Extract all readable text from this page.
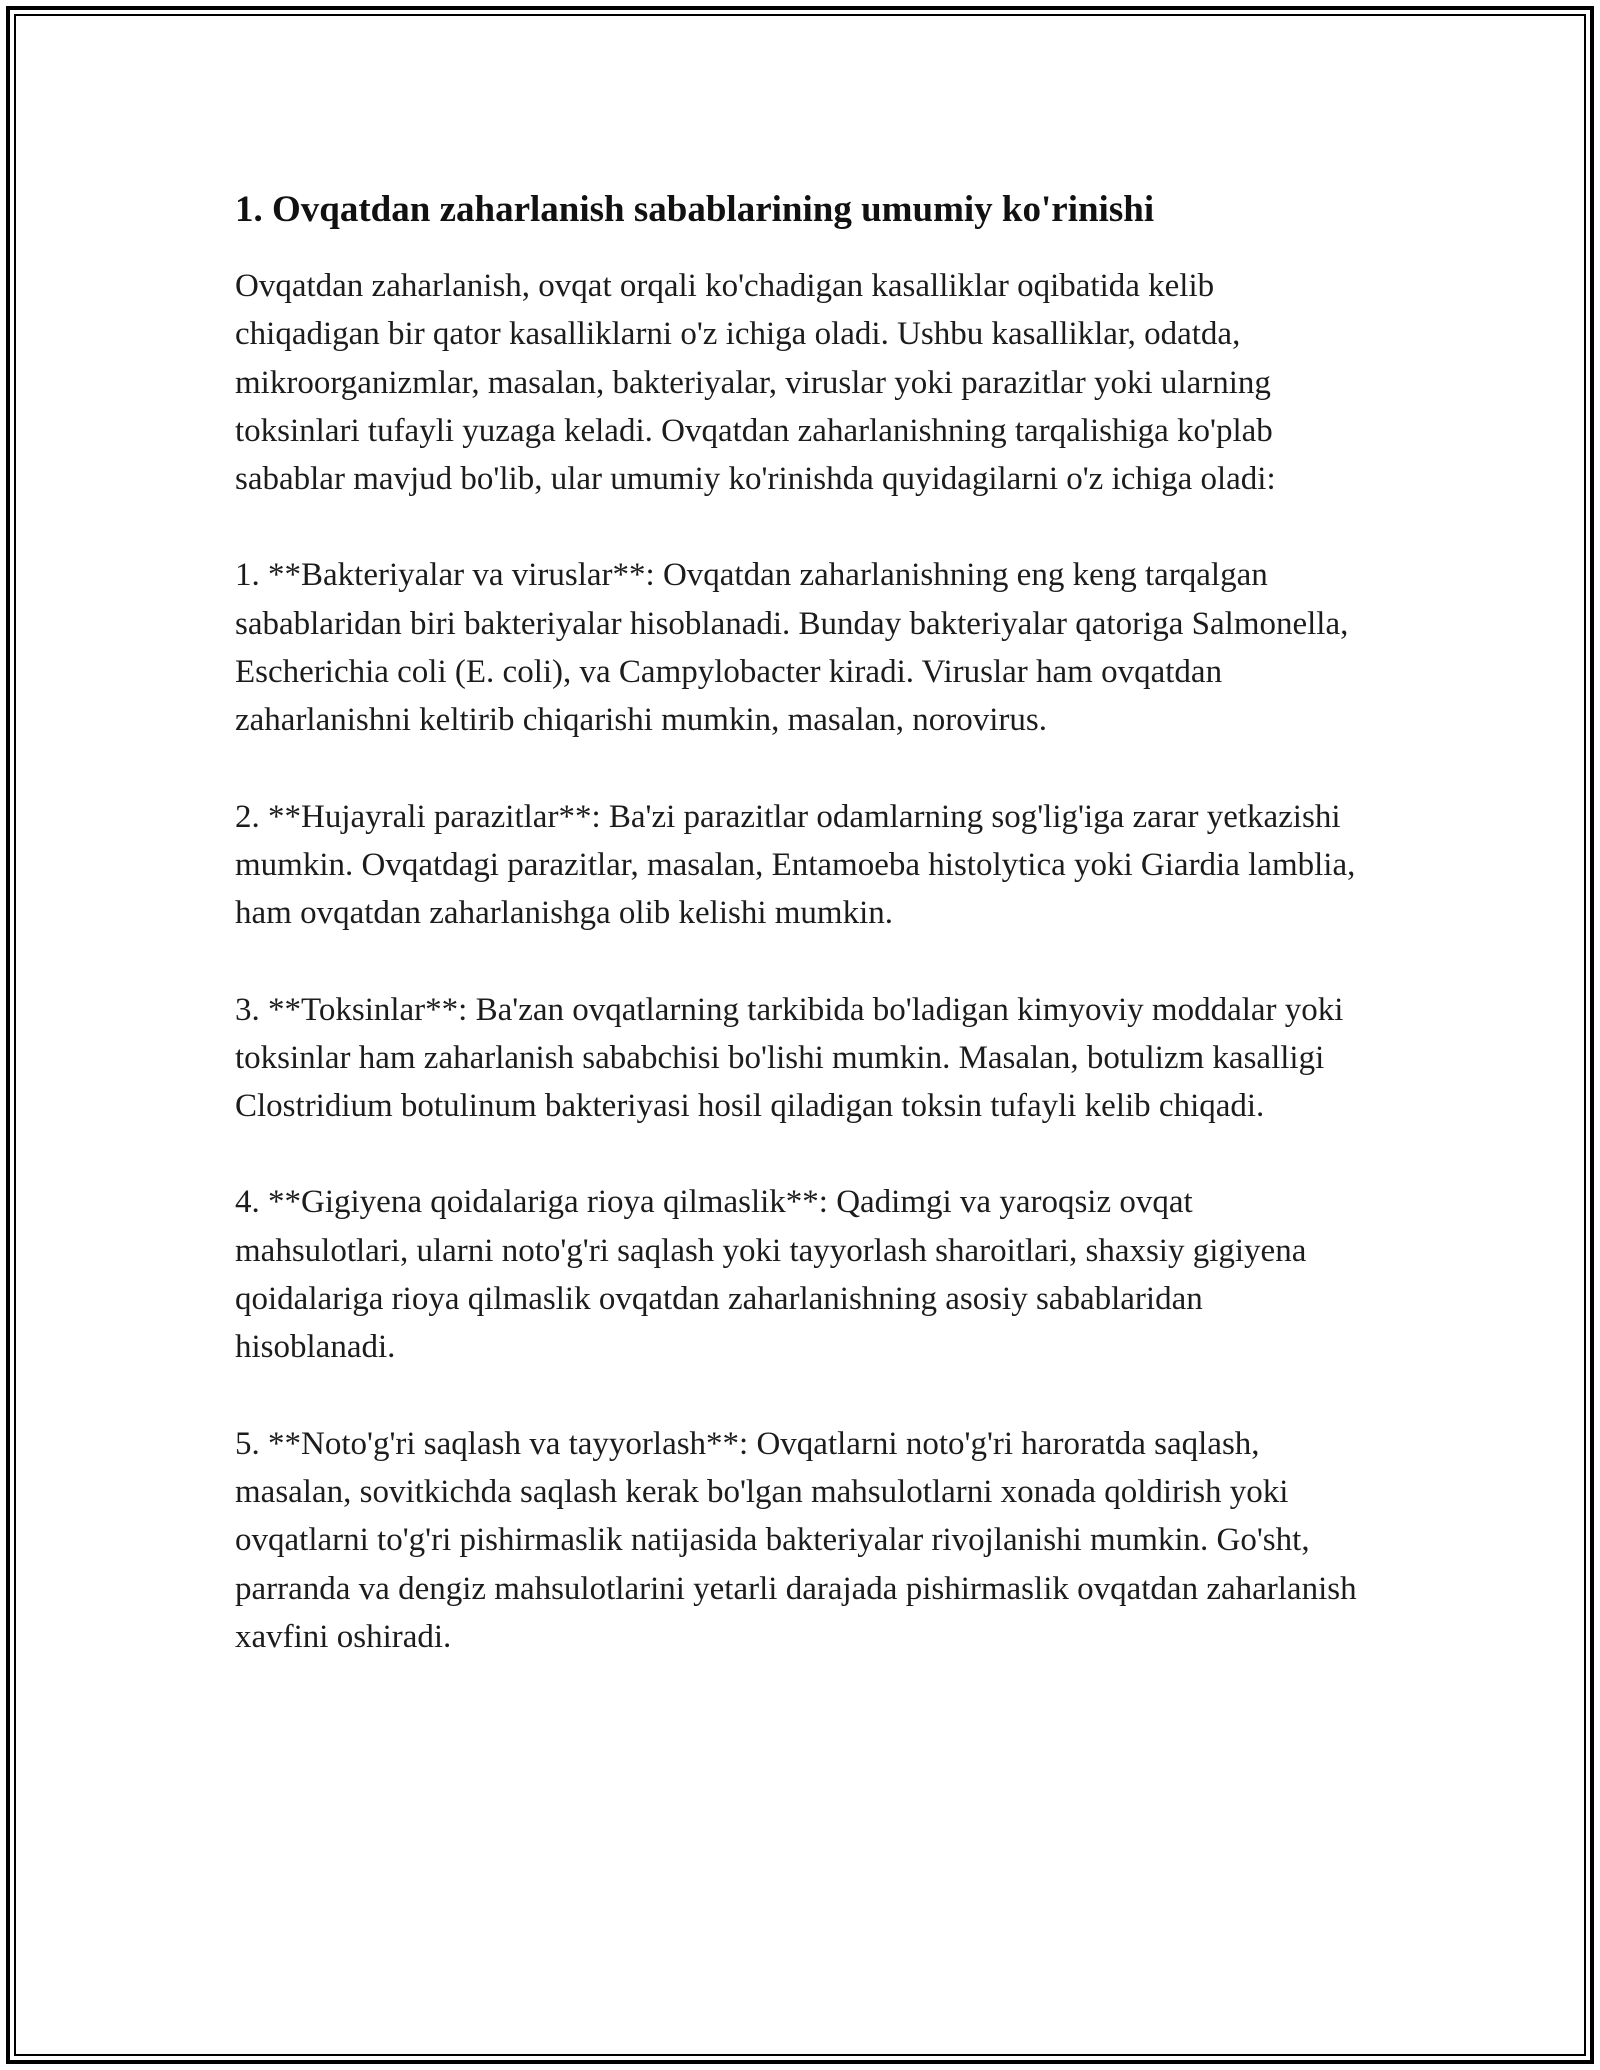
1. Ovqatdan zaharlanish sabablarining umumiy ko'rinishi

Ovqatdan zaharlanish, ovqat orqali ko'chadigan kasalliklar oqibatida kelib chiqadigan bir qator kasalliklarni o'z ichiga oladi. Ushbu kasalliklar, odatda, mikroorganizmlar, masalan, bakteriyalar, viruslar yoki parazitlar yoki ularning toksinlari tufayli yuzaga keladi. Ovqatdan zaharlanishning tarqalishiga ko'plab sabablar mavjud bo'lib, ular umumiy ko'rinishda quyidagilarni o'z ichiga oladi:

1. **Bakteriyalar va viruslar**: Ovqatdan zaharlanishning eng keng tarqalgan sabablaridan biri bakteriyalar hisoblanadi. Bunday bakteriyalar qatoriga Salmonella, Escherichia coli (E. coli), va Campylobacter kiradi. Viruslar ham ovqatdan zaharlanishni keltirib chiqarishi mumkin, masalan, norovirus.

2. **Hujayrali parazitlar**: Ba'zi parazitlar odamlarning sog'lig'iga zarar yetkazishi mumkin. Ovqatdagi parazitlar, masalan, Entamoeba histolytica yoki Giardia lamblia, ham ovqatdan zaharlanishga olib kelishi mumkin.

3. **Toksinlar**: Ba'zan ovqatlarning tarkibida bo'ladigan kimyoviy moddalar yoki toksinlar ham zaharlanish sababchisi bo'lishi mumkin. Masalan, botulizm kasalligi Clostridium botulinum bakteriyasi hosil qiladigan toksin tufayli kelib chiqadi.

4. **Gigiyena qoidalariga rioya qilmaslik**: Qadimgi va yaroqsiz ovqat mahsulotlari, ularni noto'g'ri saqlash yoki tayyorlash sharoitlari, shaxsiy gigiyena qoidalariga rioya qilmaslik ovqatdan zaharlanishning asosiy sabablaridan hisoblanadi.

5. **Noto'g'ri saqlash va tayyorlash**: Ovqatlarni noto'g'ri haroratda saqlash, masalan, sovitkichda saqlash kerak bo'lgan mahsulotlarni xonada qoldirish yoki ovqatlarni to'g'ri pishirmaslik natijasida bakteriyalar rivojlanishi mumkin. Go'sht, parranda va dengiz mahsulotlarini yetarli darajada pishirmaslik ovqatdan zaharlanish xavfini oshiradi.
